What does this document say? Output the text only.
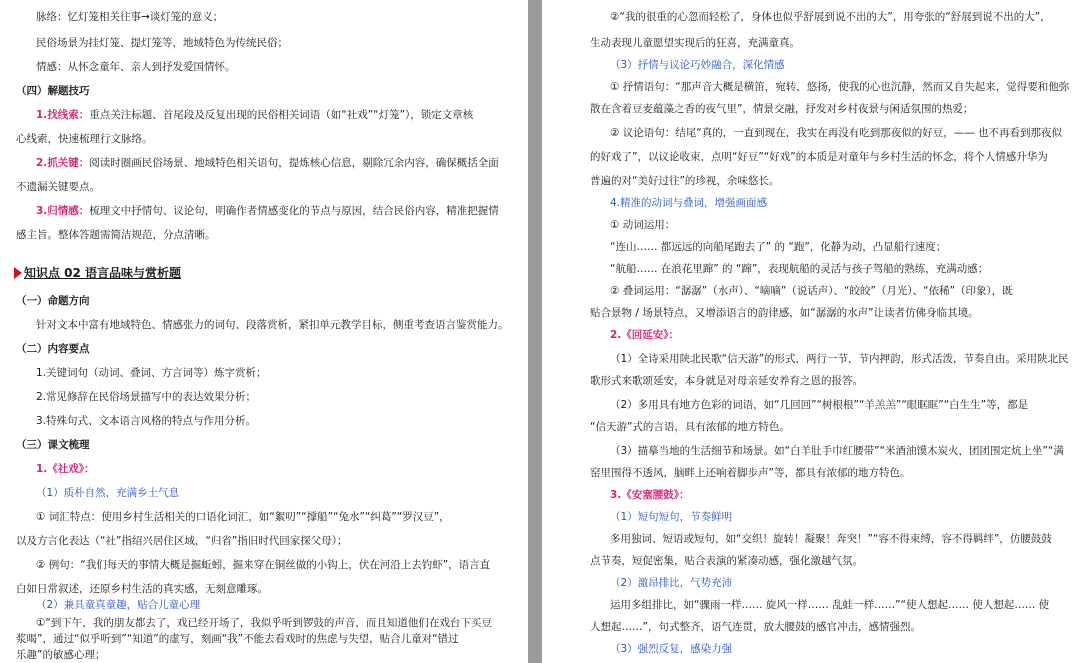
脉络：忆灯笼相关往事→谈灯笼的意义；
民俗场景为挂灯笼、提灯笼等，地域特色为传统民俗；
情感：从怀念童年、亲人到抒发爱国情怀。
（四）解题技巧
1.找线索：重点关注标题、首尾段及反复出现的民俗相关词语（如“社戏”“灯笼”），锁定文章核
心线索，快速梳理行文脉络。
2.抓关键：阅读时圈画民俗场景、地域特色相关语句，提炼核心信息，剔除冗余内容，确保概括全面
不遗漏关键要点。
3.归情感：梳理文中抒情句、议论句，明确作者情感变化的节点与原因，结合民俗内容，精准把握情
感主旨。整体答题需简洁规范，分点清晰。
知识点 02 语言品味与赏析题
（一）命题方向
针对文本中富有地域特色、情感张力的词句、段落赏析，紧扣单元教学目标，侧重考查语言鉴赏能力。
（二）内容要点
1.关键词句（动词、叠词、方言词等）炼字赏析；
2.常见修辞在民俗场景描写中的表达效果分析；
3.特殊句式、文本语言风格的特点与作用分析。
（三）课文梳理
1.《社戏》：
（1）质朴自然，充满乡土气息
① 词汇特点：使用乡村生活相关的口语化词汇，如“絮叨”“撑船”“兔水”“纠葛”“罗汉豆”，
以及方言化表达（“社”指绍兴居住区域，“归省”指旧时代回家探父母）；
② 例句：“我们每天的事情大概是掘蚯蚓，掘来穿在铜丝做的小钩上，伏在河沿上去钓虾”，语言直
白如日常叙述，还原乡村生活的真实感，无刻意雕琢。
（2）兼具童真童趣，贴合儿童心理
①“到下午，我的朋友都去了，戏已经开场了，我似乎听到锣鼓的声音，而且知道他们在戏台下买豆
浆喝”，通过“似乎听到”“知道”的虚写，刻画“我”不能去看戏时的焦虑与失望，贴合儿童对“错过
乐趣”的敏感心理；
②“我的很重的心忽而轻松了，身体也似乎舒展到说不出的大”，用夸张的“舒展到说不出的大”，
生动表现儿童愿望实现后的狂喜，充满童真。
（3）抒情与议论巧妙融合，深化情感
① 抒情语句：“那声音大概是横笛，宛转，悠扬，使我的心也沉静，然而又自失起来，觉得要和他弥
散在含着豆麦蕴藻之香的夜气里”，情景交融，抒发对乡村夜景与闲适氛围的热爱；
② 议论语句：结尾“真的，一直到现在，我实在再没有吃到那夜似的好豆，—— 也不再看到那夜似
的好戏了”，以议论收束，点明“好豆”“好戏”的本质是对童年与乡村生活的怀念，将个人情感升华为
普遍的对“美好过往”的珍视，余味悠长。
4.精准的动词与叠词，增强画面感
① 动词运用：
“连山…… 都远远的向船尾跑去了” 的 “跑”，化静为动，凸显船行速度；
“航船…… 在浪花里蹿” 的 “蹿”，表现航船的灵活与孩子驾船的熟练，充满动感；
② 叠词运用：“潺潺”（水声）、“嘀嘀”（说话声）、“皎皎”（月光）、“依稀”（印象），既
贴合景物 / 场景特点，又增添语言的韵律感，如“潺潺的水声”让读者仿佛身临其境。
2.《回延安》：
（1）全诗采用陕北民歌“信天游”的形式，两行一节，节内押韵，形式活泼，节奏自由。采用陕北民
歌形式来歌颂延安，本身就是对母亲延安养育之恩的报答。
（2）多用具有地方色彩的词语，如“几回回”“树根根”“羊羔羔”“眼眶眶”“白生生”等，都是
“信天游”式的言语，具有浓郁的地方特色。
（3）描摹当地的生活细节和场景。如“白羊肚手巾红腰带”“米酒油馍木炭火，团团围定炕上坐”“满
窑里围得不透风，脑畔上还响着脚步声”等，都具有浓郁的地方特色。
3.《安塞腰鼓》：
（1）短句短句，节奏鲜明
多用独词、短语或短句，如“交织！旋转！凝聚！奔突！”“容不得束缚，容不得羁绊”，仿腰鼓鼓
点节奏，短促密集，贴合表演的紧凑动感，强化激越气氛。
（2）激昂排比，气势充沛
运用多组排比，如“骤雨一样…… 旋风一样…… 乱蛙一样……”“使人想起…… 使人想起…… 使
人想起……”，句式整齐，语气连贯，放大腰鼓的感官冲击，感情强烈。
（3）强烈反复，感染力强
